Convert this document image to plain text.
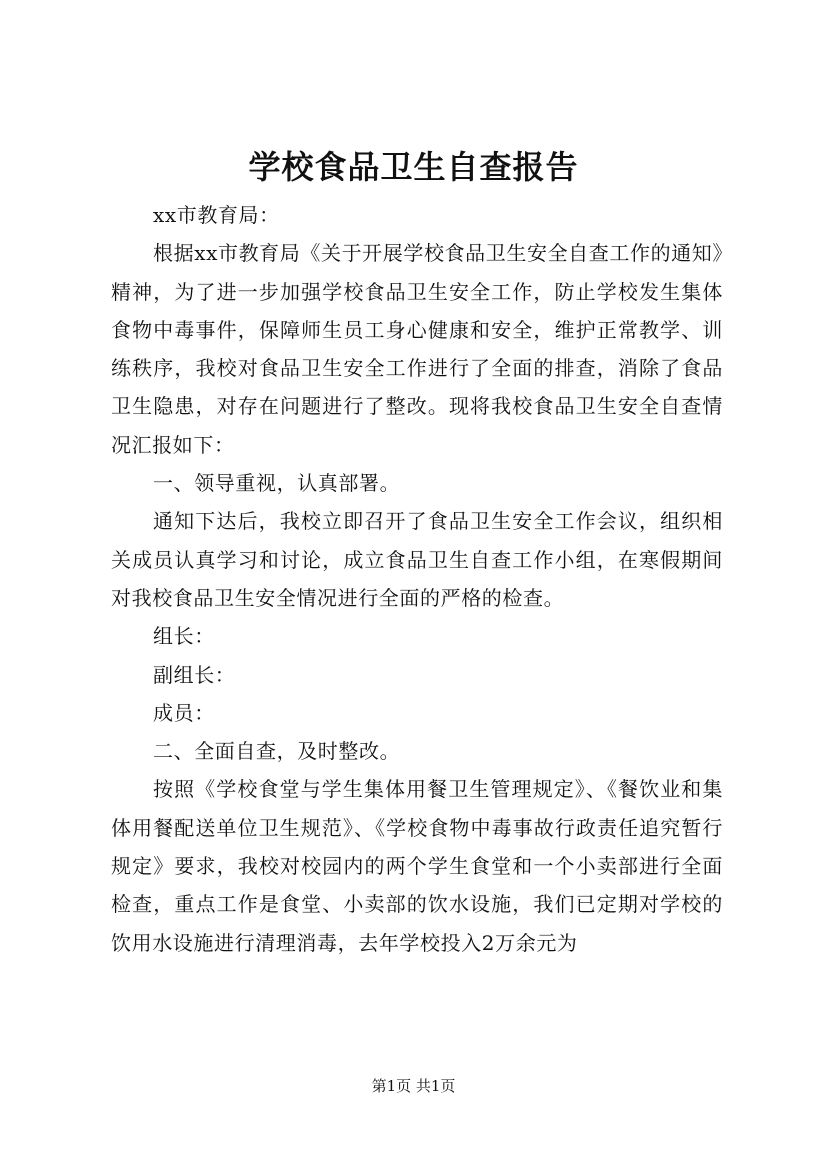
学校食品卫生自查报告

xx市教育局：

根据xx市教育局《关于开展学校食品卫生安全自查工作的通知》精神，为了进一步加强学校食品卫生安全工作，防止学校发生集体食物中毒事件，保障师生员工身心健康和安全，维护正常教学、训练秩序，我校对食品卫生安全工作进行了全面的排查，消除了食品卫生隐患，对存在问题进行了整改。现将我校食品卫生安全自查情况汇报如下：

一、领导重视，认真部署。

通知下达后，我校立即召开了食品卫生安全工作会议，组织相关成员认真学习和讨论，成立食品卫生自查工作小组，在寒假期间对我校食品卫生安全情况进行全面的严格的检查。

组长：

副组长：

成员：

二、全面自查，及时整改。

按照《学校食堂与学生集体用餐卫生管理规定》、《餐饮业和集体用餐配送单位卫生规范》、《学校食物中毒事故行政责任追究暂行规定》要求，我校对校园内的两个学生食堂和一个小卖部进行全面检查，重点工作是食堂、小卖部的饮水设施，我们已定期对学校的饮用水设施进行清理消毒，去年学校投入2万余元为

第1页 共1页
